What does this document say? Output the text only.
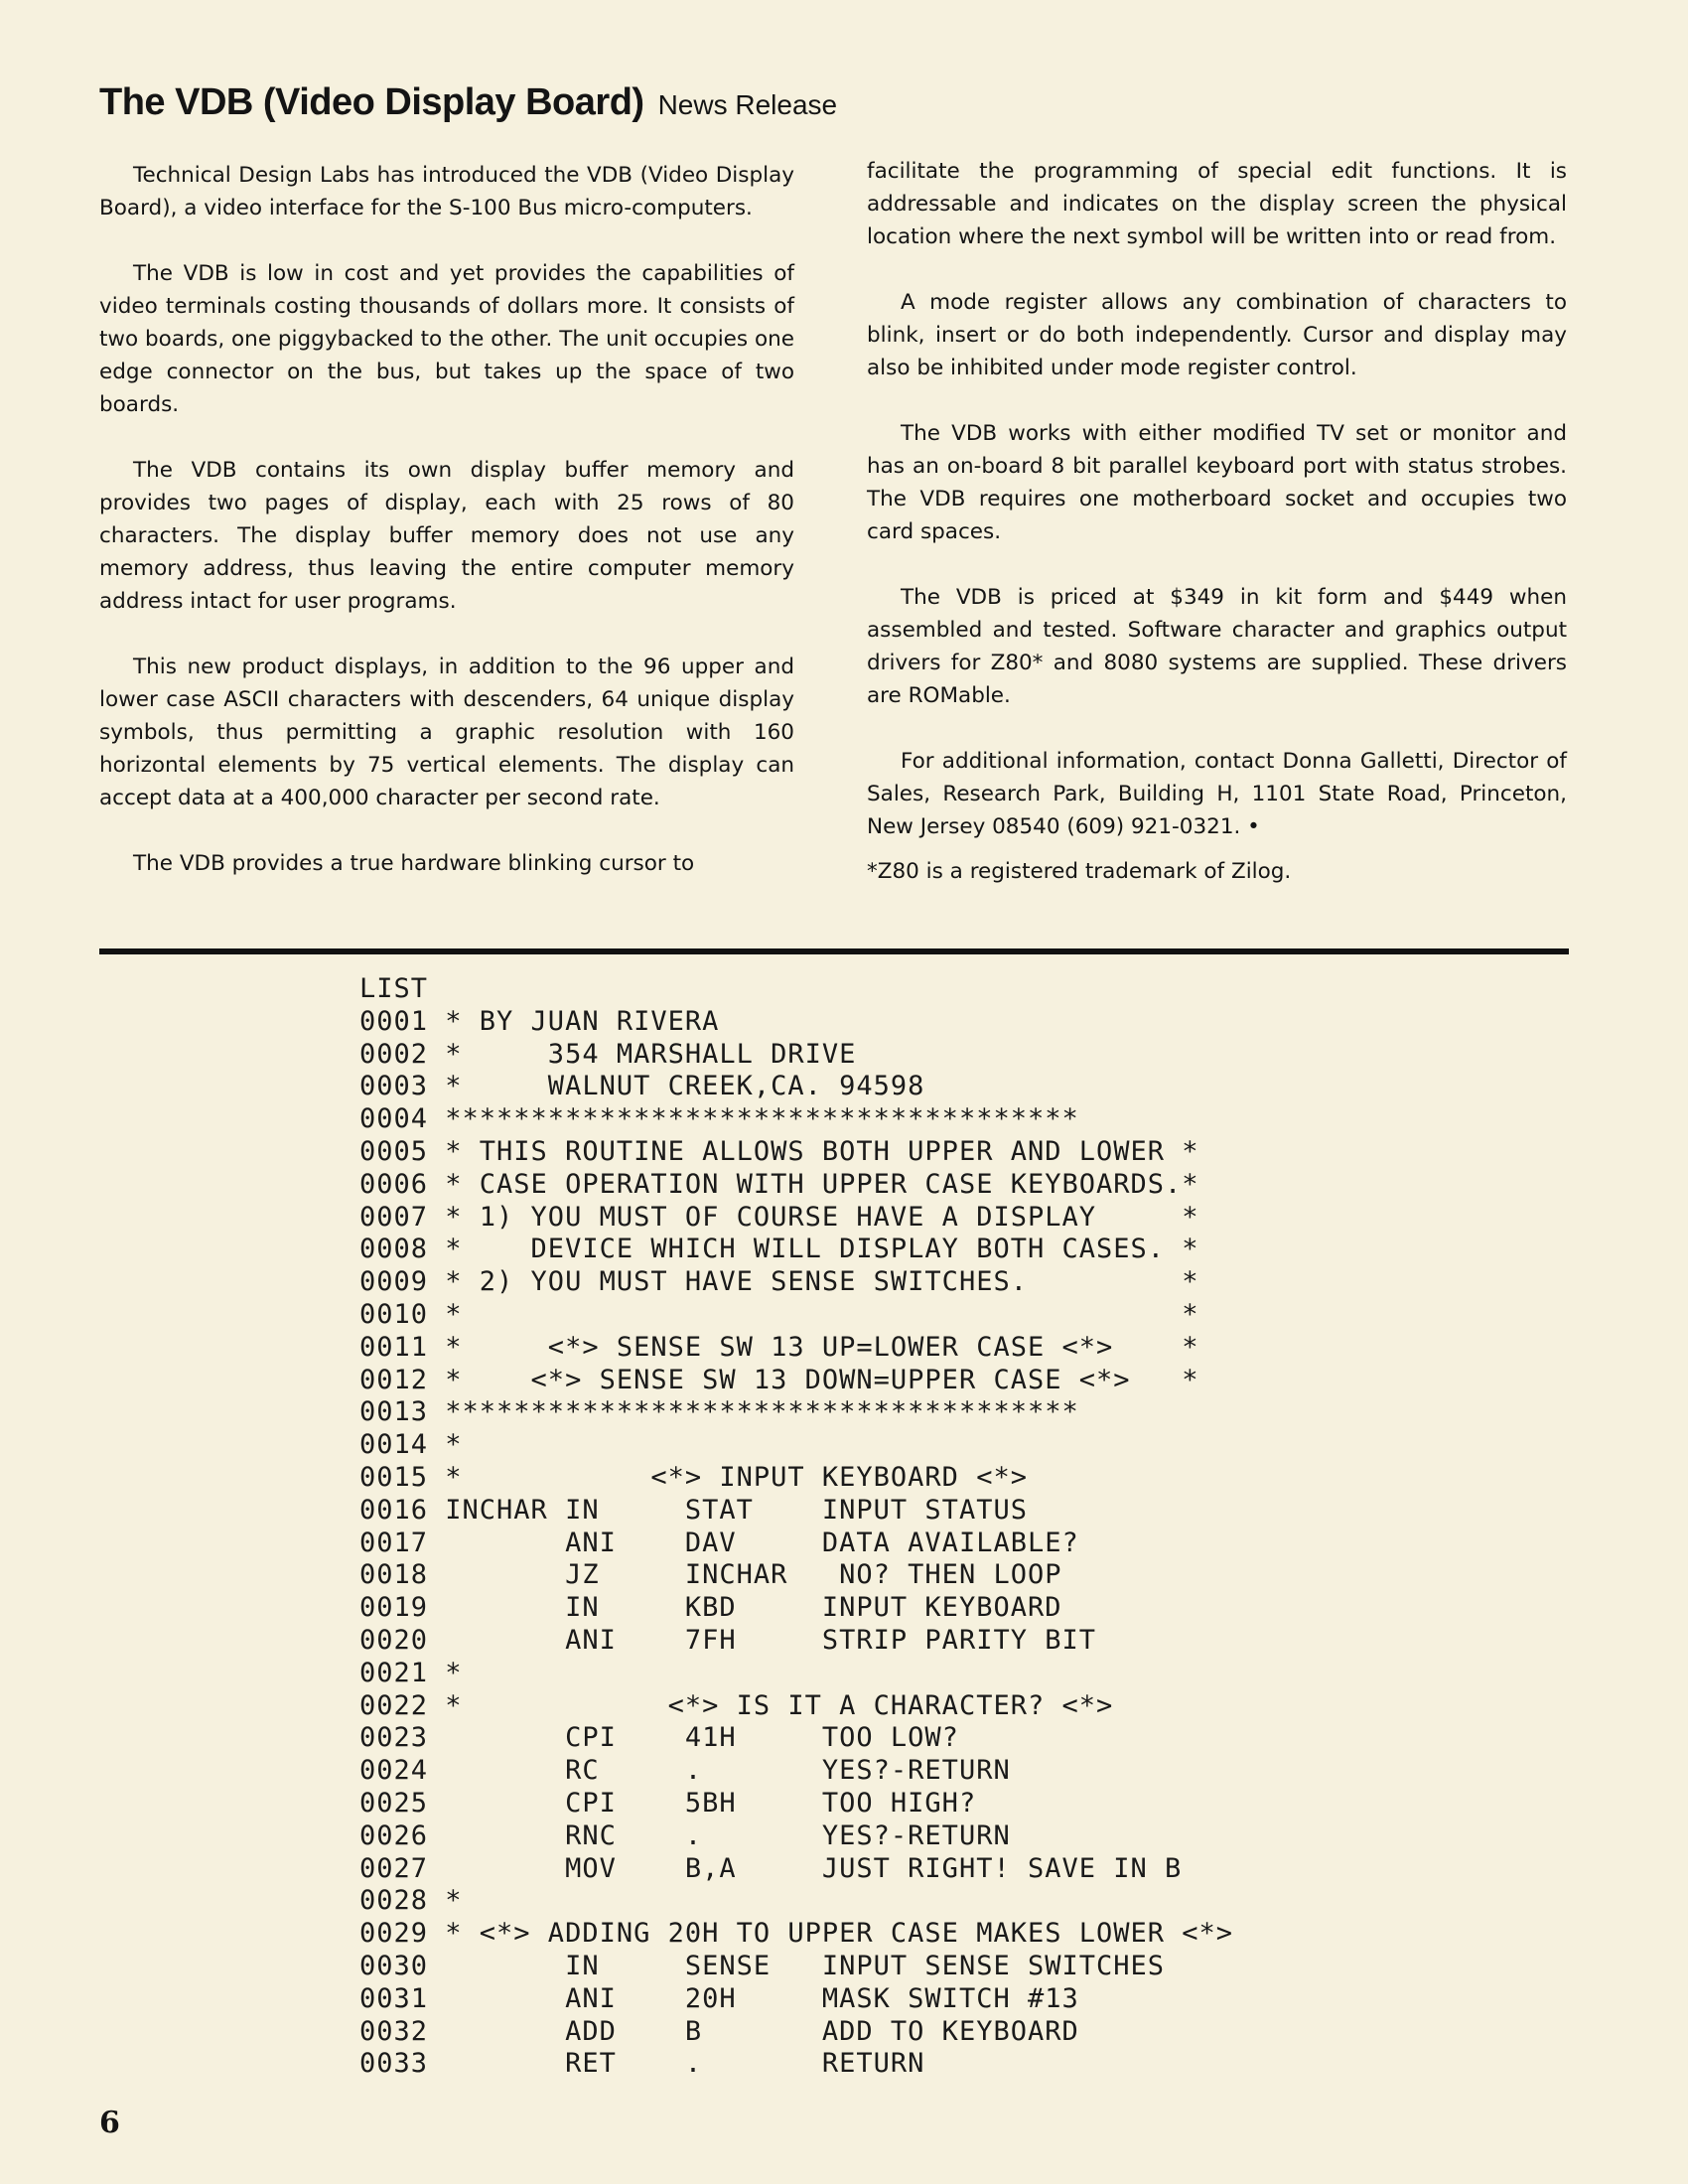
The VDB (Video Display Board) News Release

Technical Design Labs has introduced the VDB (Video Display Board), a video interface for the S-100 Bus micro-computers.

The VDB is low in cost and yet provides the capabilities of video terminals costing thousands of dollars more. It consists of two boards, one piggybacked to the other. The unit occupies one edge connector on the bus, but takes up the space of two boards.

The VDB contains its own display buffer memory and provides two pages of display, each with 25 rows of 80 characters. The display buffer memory does not use any memory address, thus leaving the entire computer memory address intact for user programs.

This new product displays, in addition to the 96 upper and lower case ASCII characters with descenders, 64 unique display symbols, thus permitting a graphic resolution with 160 horizontal elements by 75 vertical elements. The display can accept data at a 400,000 character per second rate.

The VDB provides a true hardware blinking cursor to

facilitate the programming of special edit functions. It is addressable and indicates on the display screen the physical location where the next symbol will be written into or read from.

A mode register allows any combination of characters to blink, insert or do both independently. Cursor and display may also be inhibited under mode register control.

The VDB works with either modified TV set or monitor and has an on-board 8 bit parallel keyboard port with status strobes. The VDB requires one motherboard socket and occupies two card spaces.

The VDB is priced at $349 in kit form and $449 when assembled and tested. Software character and graphics output drivers for Z80* and 8080 systems are supplied. These drivers are ROMable.

For additional information, contact Donna Galletti, Director of Sales, Research Park, Building H, 1101 State Road, Princeton, New Jersey 08540 (609) 921-0321. •

*Z80 is a registered trademark of Zilog.

LIST
0001 * BY JUAN RIVERA
0002 *     354 MARSHALL DRIVE
0003 *     WALNUT CREEK,CA. 94598
0004 *************************************
0005 * THIS ROUTINE ALLOWS BOTH UPPER AND LOWER *
0006 * CASE OPERATION WITH UPPER CASE KEYBOARDS.*
0007 * 1) YOU MUST OF COURSE HAVE A DISPLAY     *
0008 *    DEVICE WHICH WILL DISPLAY BOTH CASES. *
0009 * 2) YOU MUST HAVE SENSE SWITCHES.         *
0010 *                                          *
0011 *     <*> SENSE SW 13 UP=LOWER CASE <*>    *
0012 *    <*> SENSE SW 13 DOWN=UPPER CASE <*>   *
0013 *************************************
0014 *
0015 *           <*> INPUT KEYBOARD <*>
0016 INCHAR IN     STAT    INPUT STATUS
0017        ANI    DAV     DATA AVAILABLE?
0018        JZ     INCHAR   NO? THEN LOOP
0019        IN     KBD     INPUT KEYBOARD
0020        ANI    7FH     STRIP PARITY BIT
0021 *
0022 *            <*> IS IT A CHARACTER? <*>
0023        CPI    41H     TOO LOW?
0024        RC     .       YES?-RETURN
0025        CPI    5BH     TOO HIGH?
0026        RNC    .       YES?-RETURN
0027        MOV    B,A     JUST RIGHT! SAVE IN B
0028 *
0029 * <*> ADDING 20H TO UPPER CASE MAKES LOWER <*>
0030        IN     SENSE   INPUT SENSE SWITCHES
0031        ANI    20H     MASK SWITCH #13
0032        ADD    B       ADD TO KEYBOARD
0033        RET    .       RETURN
6
